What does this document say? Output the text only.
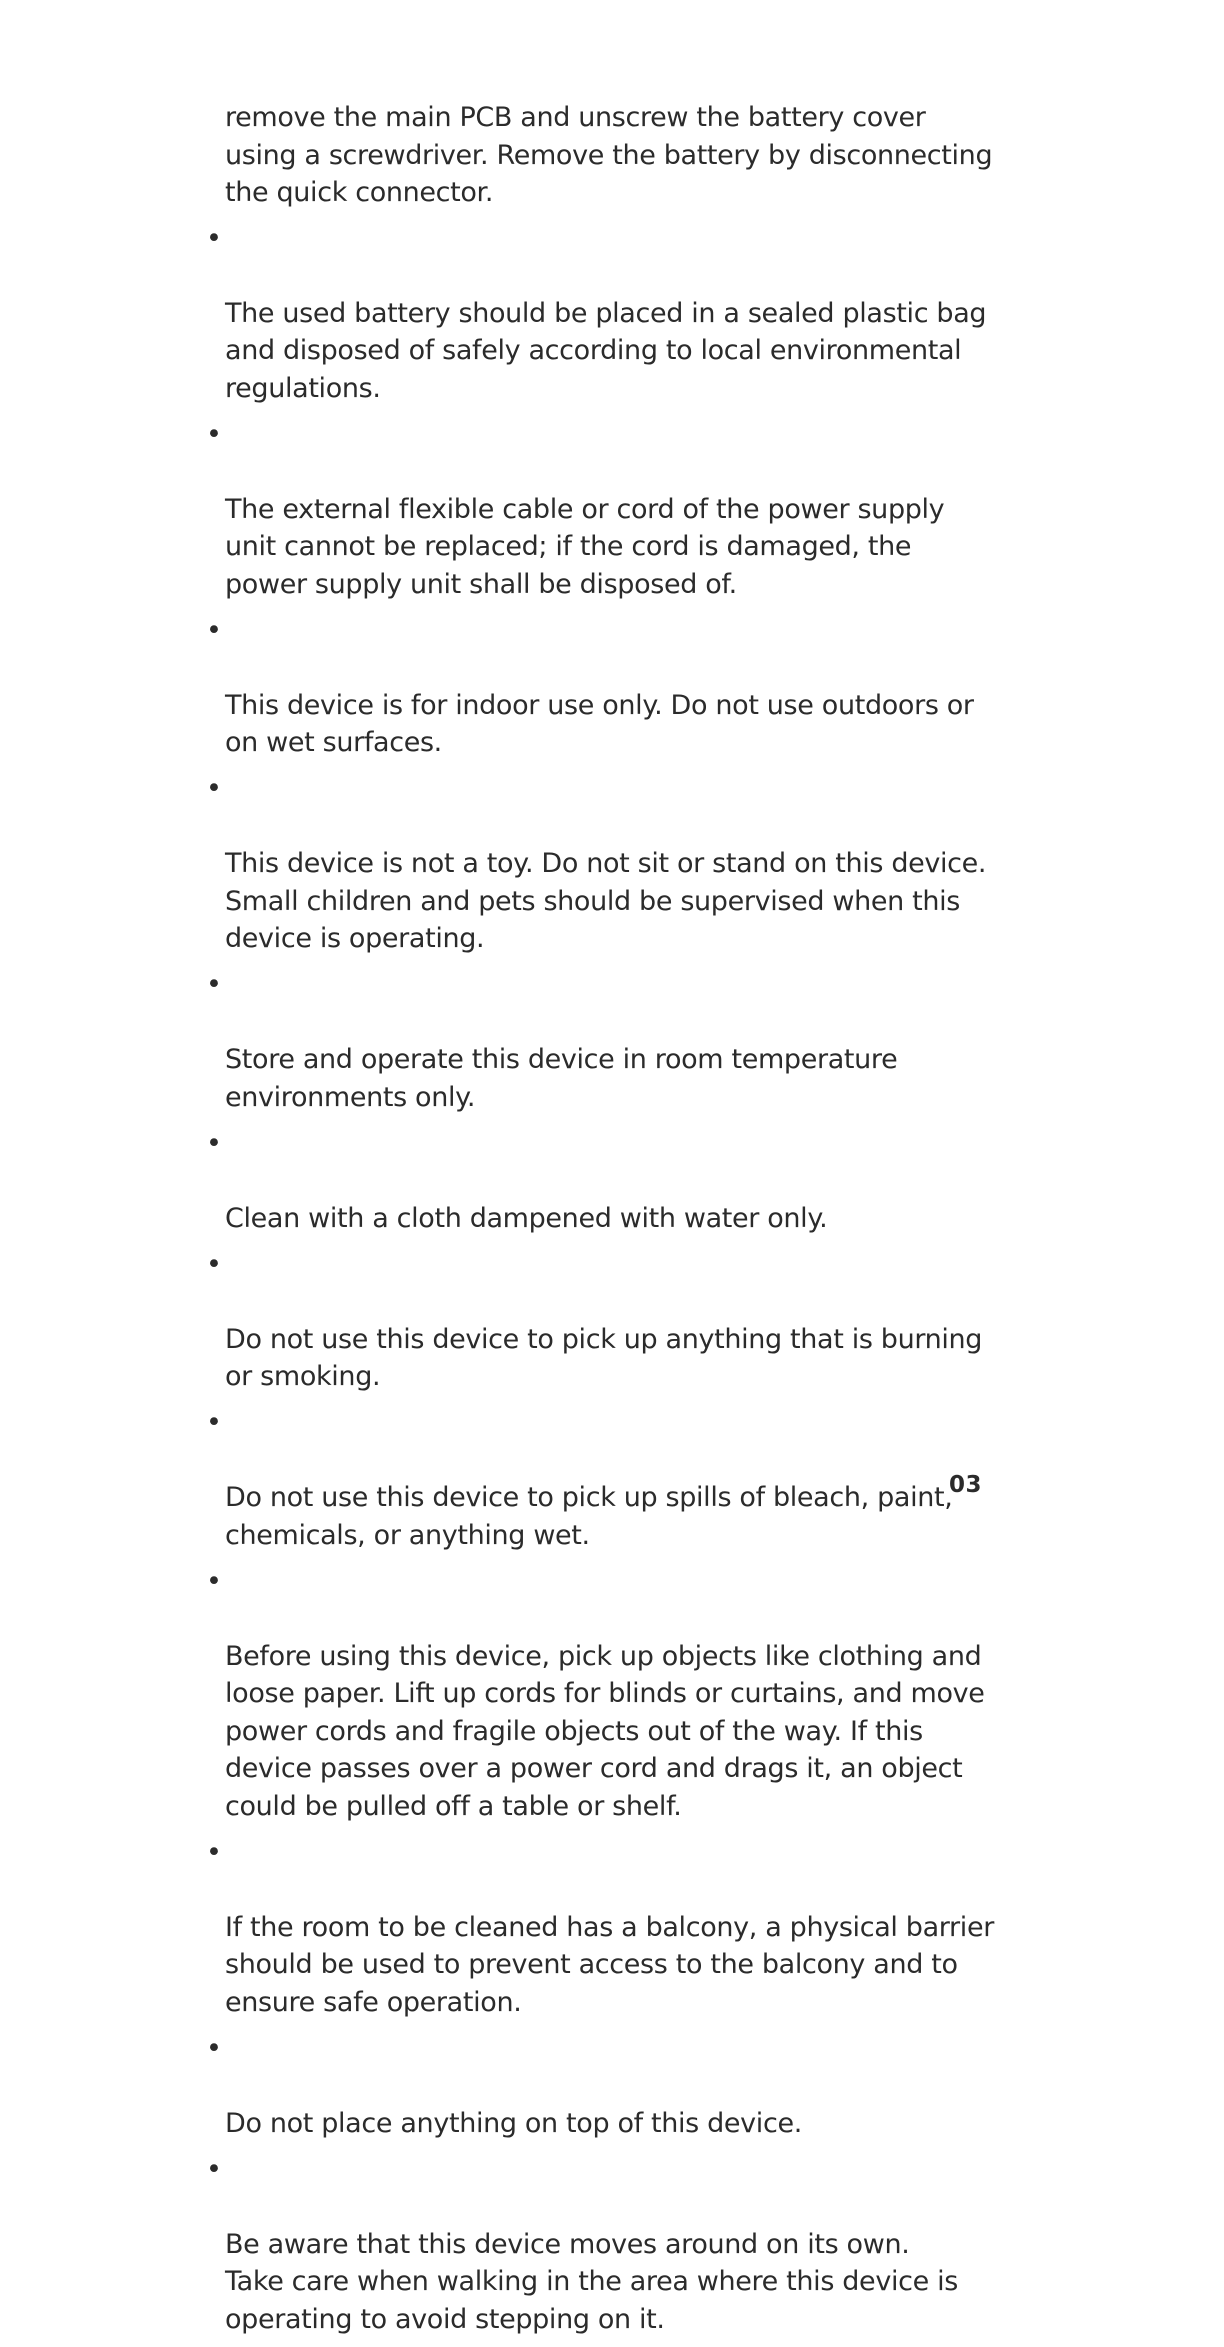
remove the main PCB and unscrew the battery cover
using a screwdriver. Remove the battery by disconnecting
the quick connector.

•

The used battery should be placed in a sealed plastic bag
and disposed of safely according to local environmental
regulations.

•

The external flexible cable or cord of the power supply
unit cannot be replaced; if the cord is damaged, the
power supply unit shall be disposed of.

•

This device is for indoor use only. Do not use outdoors or
on wet surfaces.

•

This device is not a toy. Do not sit or stand on this device.
Small children and pets should be supervised when this
device is operating.

•

Store and operate this device in room temperature
environments only.

•

Clean with a cloth dampened with water only.

•

Do not use this device to pick up anything that is burning
or smoking.

•

Do not use this device to pick up spills of bleach, paint,
chemicals, or anything wet.

•

Before using this device, pick up objects like clothing and
loose paper. Lift up cords for blinds or curtains, and move
power cords and fragile objects out of the way. If this
device passes over a power cord and drags it, an object
could be pulled off a table or shelf.

•

If the room to be cleaned has a balcony, a physical barrier
should be used to prevent access to the balcony and to
ensure safe operation.

•

Do not place anything on top of this device.

•

Be aware that this device moves around on its own.
Take care when walking in the area where this device is
operating to avoid stepping on it.

03
